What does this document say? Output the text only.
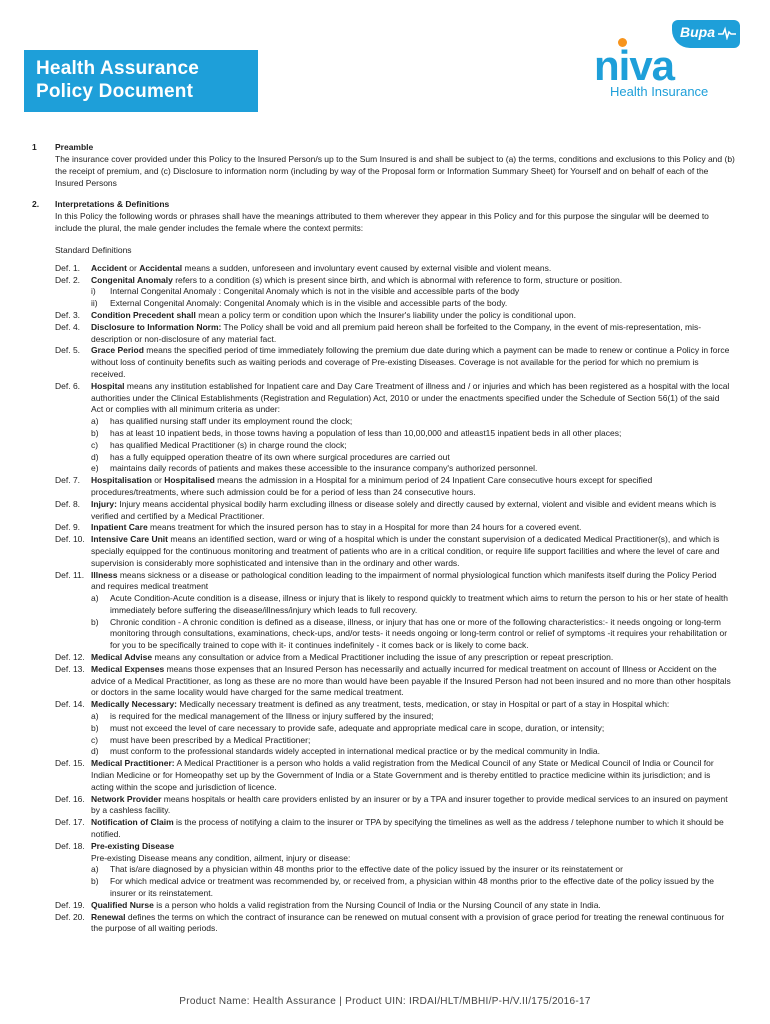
Health Assurance
Policy Document
Bupa
niva
Health Insurance
1 Preamble
The insurance cover provided under this Policy to the Insured Person/s up to the Sum Insured is and shall be subject to (a) the terms, conditions and exclusions to this Policy and (b) the receipt of premium, and (c) Disclosure to information norm (including by way of the Proposal form or Information Summary Sheet) for Yourself and on behalf of each of the Insured Persons
2. Interpretations & Definitions
In this Policy the following words or phrases shall have the meanings attributed to them wherever they appear in this Policy and for this purpose the singular will be deemed to include the plural, the male gender includes the female where the context permits:
Standard Definitions
Def. 1. Accident or Accidental means a sudden, unforeseen and involuntary event caused by external visible and violent means.
Def. 2. Congenital Anomaly refers to a condition (s) which is present since birth, and which is abnormal with reference to form, structure or position.
i) Internal Congenital Anomaly : Congenital Anomaly which is not in the visible and accessible parts of the body
ii) External Congenital Anomaly: Congenital Anomaly which is in the visible and accessible parts of the body.
Def. 3. Condition Precedent shall mean a policy term or condition upon which the Insurer's liability under the policy is conditional upon.
Def. 4. Disclosure to Information Norm: The Policy shall be void and all premium paid hereon shall be forfeited to the Company, in the event of mis-representation, mis-description or non-disclosure of any material fact.
Def. 5. Grace Period means the specified period of time immediately following the premium due date during which a payment can be made to renew or continue a Policy in force without loss of continuity benefits such as waiting periods and coverage of Pre-existing Diseases. Coverage is not available for the period for which no premium is received.
Def. 6. Hospital means any institution established for Inpatient care and Day Care Treatment of illness and / or injuries and which has been registered as a hospital with the local authorities under the Clinical Establishments (Registration and Regulation) Act, 2010 or under the enactments specified under the Schedule of Section 56(1) of the said Act or complies with all minimum criteria as under:
a) has qualified nursing staff under its employment round the clock;
b) has at least 10 inpatient beds, in those towns having a population of less than 10,00,000 and atleast15 inpatient beds in all other places;
c) has qualified Medical Practitioner (s) in charge round the clock;
d) has a fully equipped operation theatre of its own where surgical procedures are carried out
e) maintains daily records of patients and makes these accessible to the insurance company's authorized personnel.
Def. 7. Hospitalisation or Hospitalised means the admission in a Hospital for a minimum period of 24 Inpatient Care consecutive hours except for specified procedures/treatments, where such admission could be for a period of less than 24 consecutive hours.
Def. 8. Injury: Injury means accidental physical bodily harm excluding illness or disease solely and directly caused by external, violent and visible and evident means which is verified and certified by a Medical Practitioner.
Def. 9. Inpatient Care means treatment for which the insured person has to stay in a Hospital for more than 24 hours for a covered event.
Def. 10. Intensive Care Unit means an identified section, ward or wing of a hospital which is under the constant supervision of a dedicated Medical Practitioner(s), and which is specially equipped for the continuous monitoring and treatment of patients who are in a critical condition, or require life support facilities and where the level of care and supervision is considerably more sophisticated and intensive than in the ordinary and other wards.
Def. 11. Illness means sickness or a disease or pathological condition leading to the impairment of normal physiological function which manifests itself during the Policy Period and requires medical treatment
a) Acute Condition-Acute condition is a disease, illness or injury that is likely to respond quickly to treatment which aims to return the person to his or her state of health immediately before suffering the disease/illness/injury which leads to full recovery.
b) Chronic condition - A chronic condition is defined as a disease, illness, or injury that has one or more of the following characteristics:- it needs ongoing or long-term monitoring through consultations, examinations, check-ups, and/or tests- it needs ongoing or long-term control or relief of symptoms -it requires your rehabilitation or for you to be specifically trained to cope with it- it continues indefinitely - it comes back or is likely to come back.
Def. 12. Medical Advise means any consultation or advice from a Medical Practitioner including the issue of any prescription or repeat prescription.
Def. 13. Medical Expenses means those expenses that an Insured Person has necessarily and actually incurred for medical treatment on account of Illness or Accident on the advice of a Medical Practitioner, as long as these are no more than would have been payable if the Insured Person had not been insured and no more than other hospitals or doctors in the same locality would have charged for the same medical treatment.
Def. 14. Medically Necessary: Medically necessary treatment is defined as any treatment, tests, medication, or stay in Hospital or part of a stay in Hospital which:
a) is required for the medical management of the Illness or injury suffered by the insured;
b) must not exceed the level of care necessary to provide safe, adequate and appropriate medical care in scope, duration, or intensity;
c) must have been prescribed by a Medical Practitioner;
d) must conform to the professional standards widely accepted in international medical practice or by the medical community in India.
Def. 15. Medical Practitioner: A Medical Practitioner is a person who holds a valid registration from the Medical Council of any State or Medical Council of India or Council for Indian Medicine or for Homeopathy set up by the Government of India or a State Government and is thereby entitled to practice medicine within its jurisdiction; and is acting within the scope and jurisdiction of licence.
Def. 16. Network Provider means hospitals or health care providers enlisted by an insurer or by a TPA and insurer together to provide medical services to an insured on payment by a cashless facility.
Def. 17. Notification of Claim is the process of notifying a claim to the insurer or TPA by specifying the timelines as well as the address / telephone number to which it should be notified.
Def. 18. Pre-existing Disease
Pre-existing Disease means any condition, ailment, injury or disease:
a) That is/are diagnosed by a physician within 48 months prior to the effective date of the policy issued by the insurer or its reinstatement or
b) For which medical advice or treatment was recommended by, or received from, a physician within 48 months prior to the effective date of the policy issued by the insurer or its reinstatement.
Def. 19. Qualified Nurse is a person who holds a valid registration from the Nursing Council of India or the Nursing Council of any state in India.
Def. 20. Renewal defines the terms on which the contract of insurance can be renewed on mutual consent with a provision of grace period for treating the renewal continuous for the purpose of all waiting periods.
Product Name: Health Assurance | Product UIN: IRDAI/HLT/MBHI/P-H/V.II/175/2016-17
